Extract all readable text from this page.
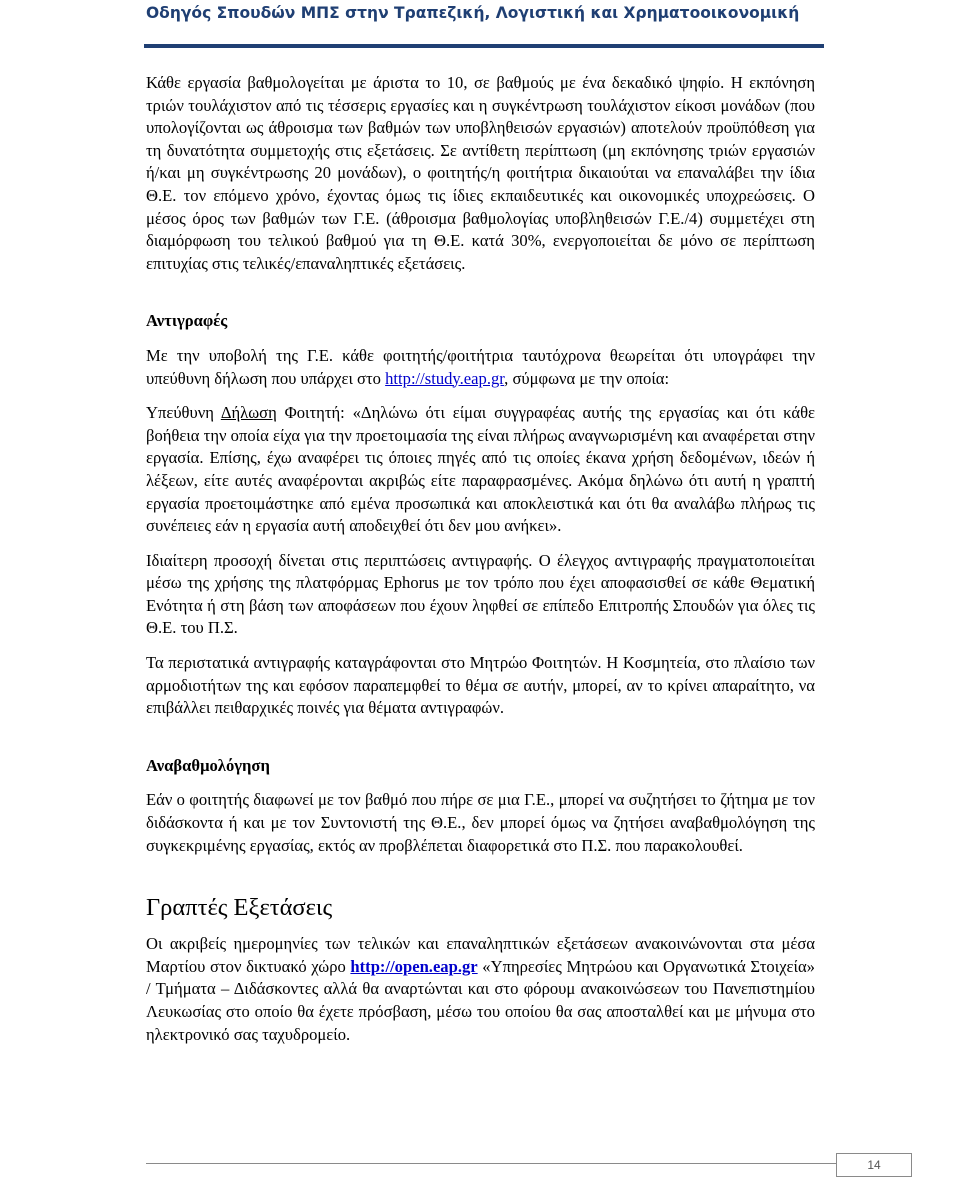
Οδηγός Σπουδών ΜΠΣ στην Τραπεζική, Λογιστική και Χρηματοοικονομική

Κάθε εργασία βαθμολογείται με άριστα το 10, σε βαθμούς με ένα δεκαδικό ψηφίο. Η εκπόνηση τριών τουλάχιστον από τις τέσσερις εργασίες και η συγκέντρωση τουλάχιστον είκοσι μονάδων (που υπολογίζονται ως άθροισμα των βαθμών των υποβληθεισών εργασιών) αποτελούν προϋπόθεση για τη δυνατότητα συμμετοχής στις εξετάσεις. Σε αντίθετη περίπτωση (μη εκπόνησης τριών εργασιών ή/και μη συγκέντρωσης 20 μονάδων), ο φοιτητής/η φοιτήτρια δικαιούται να επαναλάβει την ίδια Θ.Ε. τον επόμενο χρόνο, έχοντας όμως τις ίδιες εκπαιδευτικές και οικονομικές υποχρεώσεις. Ο μέσος όρος των βαθμών των Γ.Ε. (άθροισμα βαθμολογίας υποβληθεισών Γ.Ε./4) συμμετέχει στη διαμόρφωση του τελικού βαθμού για τη Θ.Ε. κατά 30%, ενεργοποιείται δε μόνο σε περίπτωση επιτυχίας στις τελικές/επαναληπτικές εξετάσεις.

Αντιγραφές

Με την υποβολή της Γ.Ε. κάθε φοιτητής/φοιτήτρια ταυτόχρονα θεωρείται ότι υπογράφει την υπεύθυνη δήλωση που υπάρχει στο http://study.eap.gr, σύμφωνα με την οποία:

Υπεύθυνη Δήλωση Φοιτητή: «Δηλώνω ότι είμαι συγγραφέας αυτής της εργασίας και ότι κάθε βοήθεια την οποία είχα για την προετοιμασία της είναι πλήρως αναγνωρισμένη και αναφέρεται στην εργασία. Επίσης, έχω αναφέρει τις όποιες πηγές από τις οποίες έκανα χρήση δεδομένων, ιδεών ή λέξεων, είτε αυτές αναφέρονται ακριβώς είτε παραφρασμένες. Ακόμα δηλώνω ότι αυτή η γραπτή εργασία προετοιμάστηκε από εμένα προσωπικά και αποκλειστικά και ότι θα αναλάβω πλήρως τις συνέπειες εάν η εργασία αυτή αποδειχθεί ότι δεν μου ανήκει».

Ιδιαίτερη προσοχή δίνεται στις περιπτώσεις αντιγραφής. Ο έλεγχος αντιγραφής πραγματοποιείται μέσω της χρήσης της πλατφόρμας Ephorus με τον τρόπο που έχει αποφασισθεί σε κάθε Θεματική Ενότητα ή στη βάση των αποφάσεων που έχουν ληφθεί σε επίπεδο Επιτροπής Σπουδών για όλες τις Θ.Ε. του Π.Σ.

Τα περιστατικά αντιγραφής καταγράφονται στο Μητρώο Φοιτητών. Η Κοσμητεία, στο πλαίσιο των αρμοδιοτήτων της και εφόσον παραπεμφθεί το θέμα σε αυτήν, μπορεί, αν το κρίνει απαραίτητο, να επιβάλλει πειθαρχικές ποινές για θέματα αντιγραφών.

Αναβαθμολόγηση

Εάν ο φοιτητής διαφωνεί με τον βαθμό που πήρε σε μια Γ.Ε., μπορεί να συζητήσει το ζήτημα με τον διδάσκοντα ή και με τον Συντονιστή της Θ.Ε., δεν μπορεί όμως να ζητήσει αναβαθμολόγηση της συγκεκριμένης εργασίας, εκτός αν προβλέπεται διαφορετικά στο Π.Σ. που παρακολουθεί.

Γραπτές Εξετάσεις

Οι ακριβείς ημερομηνίες των τελικών και επαναληπτικών εξετάσεων ανακοινώνονται στα μέσα Μαρτίου στον δικτυακό χώρο http://open.eap.gr «Υπηρεσίες Μητρώου και Οργανωτικά Στοιχεία» / Τμήματα – Διδάσκοντες αλλά θα αναρτώνται και στο φόρουμ ανακοινώσεων του Πανεπιστημίου Λευκωσίας στο οποίο θα έχετε πρόσβαση, μέσω του οποίου θα σας αποσταλθεί και με μήνυμα στο ηλεκτρονικό σας ταχυδρομείο.

14
